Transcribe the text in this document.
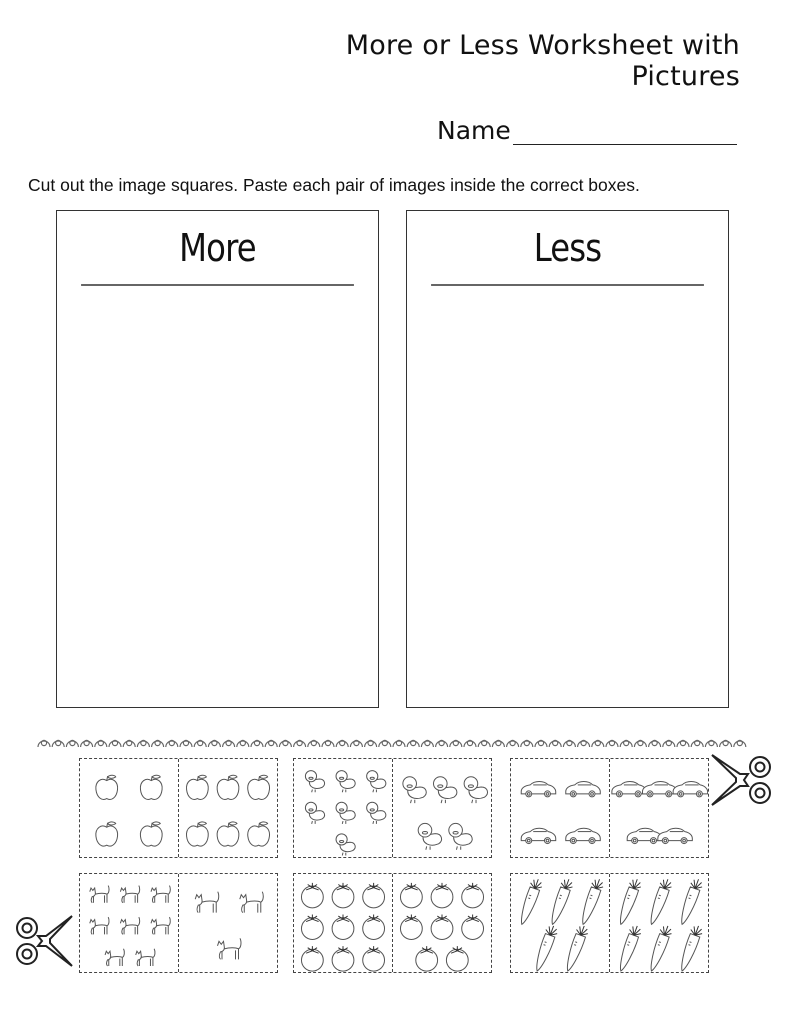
More or Less Worksheet with Pictures
Name
Cut out the image squares. Paste each pair of images inside the correct boxes.
More	Less
